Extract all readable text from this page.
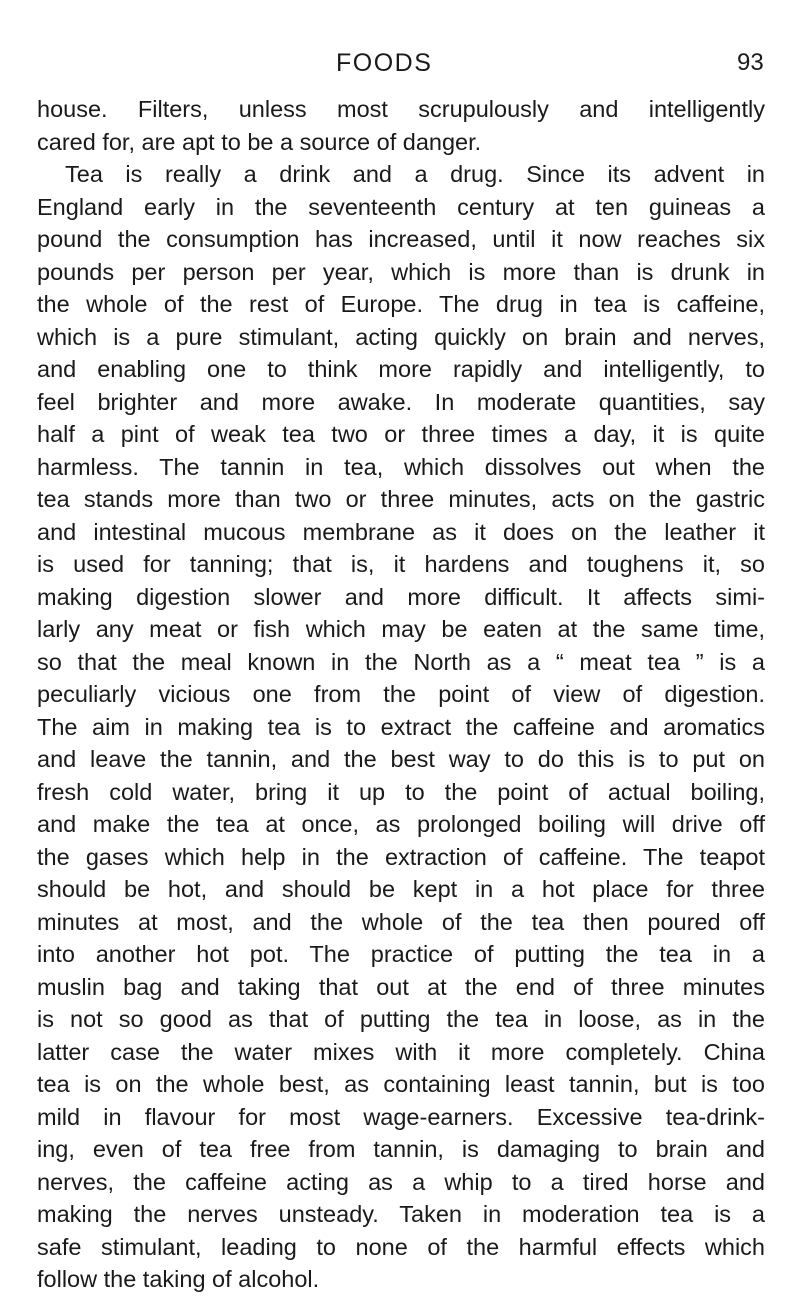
FOODS	93
house. Filters, unless most scrupulously and intelligently
cared for, are apt to be a source of danger.
Tea is really a drink and a drug. Since its advent in
England early in the seventeenth century at ten guineas a
pound the consumption has increased, until it now reaches six
pounds per person per year, which is more than is drunk in
the whole of the rest of Europe. The drug in tea is caffeine,
which is a pure stimulant, acting quickly on brain and nerves,
and enabling one to think more rapidly and intelligently, to
feel brighter and more awake. In moderate quantities, say
half a pint of weak tea two or three times a day, it is quite
harmless. The tannin in tea, which dissolves out when the
tea stands more than two or three minutes, acts on the gastric
and intestinal mucous membrane as it does on the leather it
is used for tanning; that is, it hardens and toughens it, so
making digestion slower and more difficult. It affects simi-
larly any meat or fish which may be eaten at the same time,
so that the meal known in the North as a “ meat tea ” is a
peculiarly vicious one from the point of view of digestion.
The aim in making tea is to extract the caffeine and aromatics
and leave the tannin, and the best way to do this is to put on
fresh cold water, bring it up to the point of actual boiling,
and make the tea at once, as prolonged boiling will drive off
the gases which help in the extraction of caffeine. The teapot
should be hot, and should be kept in a hot place for three
minutes at most, and the whole of the tea then poured off
into another hot pot. The practice of putting the tea in a
muslin bag and taking that out at the end of three minutes
is not so good as that of putting the tea in loose, as in the
latter case the water mixes with it more completely. China
tea is on the whole best, as containing least tannin, but is too
mild in flavour for most wage-earners. Excessive tea-drink-
ing, even of tea free from tannin, is damaging to brain and
nerves, the caffeine acting as a whip to a tired horse and
making the nerves unsteady. Taken in moderation tea is a
safe stimulant, leading to none of the harmful effects which
follow the taking of alcohol.
